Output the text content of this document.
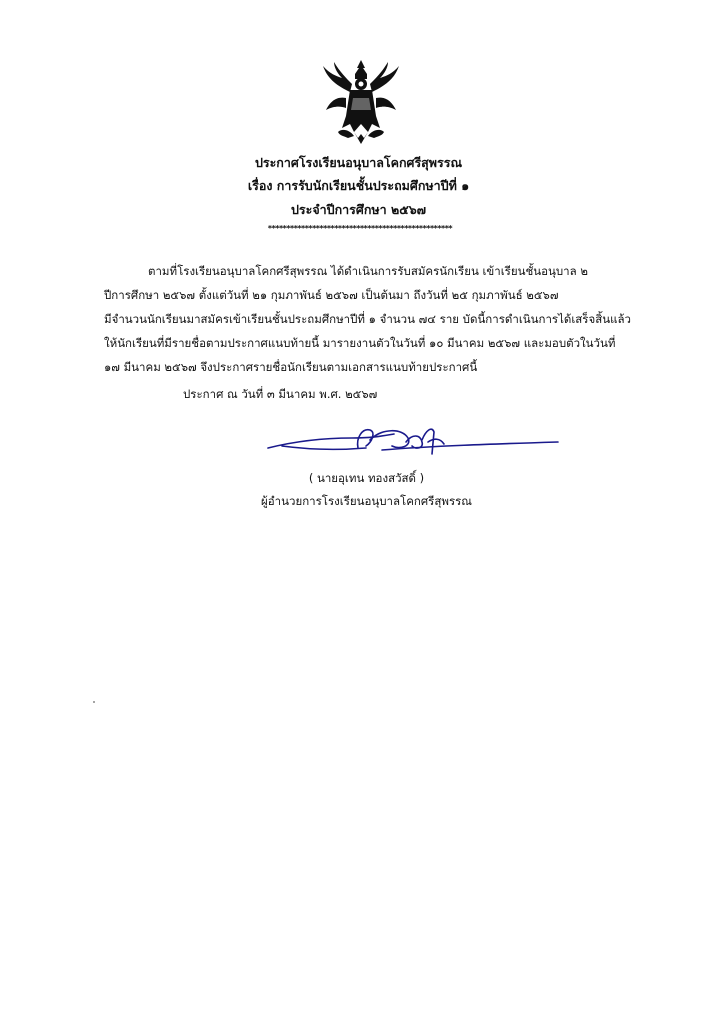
ประกาศโรงเรียนอนุบาลโคกศรีสุพรรณ
เรื่อง การรับนักเรียนชั้นประถมศึกษาปีที่ ๑
ประจำปีการศึกษา ๒๕๖๗
**************************************************
ตามที่โรงเรียนอนุบาลโคกศรีสุพรรณ ได้ดำเนินการรับสมัครนักเรียน เข้าเรียนชั้นอนุบาล ๒
ปีการศึกษา ๒๕๖๗ ตั้งแต่วันที่ ๒๑ กุมภาพันธ์ ๒๕๖๗ เป็นต้นมา ถึงวันที่ ๒๕ กุมภาพันธ์ ๒๕๖๗
มีจำนวนนักเรียนมาสมัครเข้าเรียนชั้นประถมศึกษาปีที่ ๑ จำนวน ๗๔ ราย บัดนี้การดำเนินการได้เสร็จสิ้นแล้ว
ให้นักเรียนที่มีรายชื่อตามประกาศแนบท้ายนี้ มารายงานตัวในวันที่ ๑๐ มีนาคม ๒๕๖๗ และมอบตัวในวันที่
๑๗ มีนาคม ๒๕๖๗ จึงประกาศรายชื่อนักเรียนตามเอกสารแนบท้ายประกาศนี้
ประกาศ ณ วันที่ ๓ มีนาคม พ.ศ. ๒๕๖๗
( นายอุเทน ทองสวัสดิ์ )
ผู้อำนวยการโรงเรียนอนุบาลโคกศรีสุพรรณ
